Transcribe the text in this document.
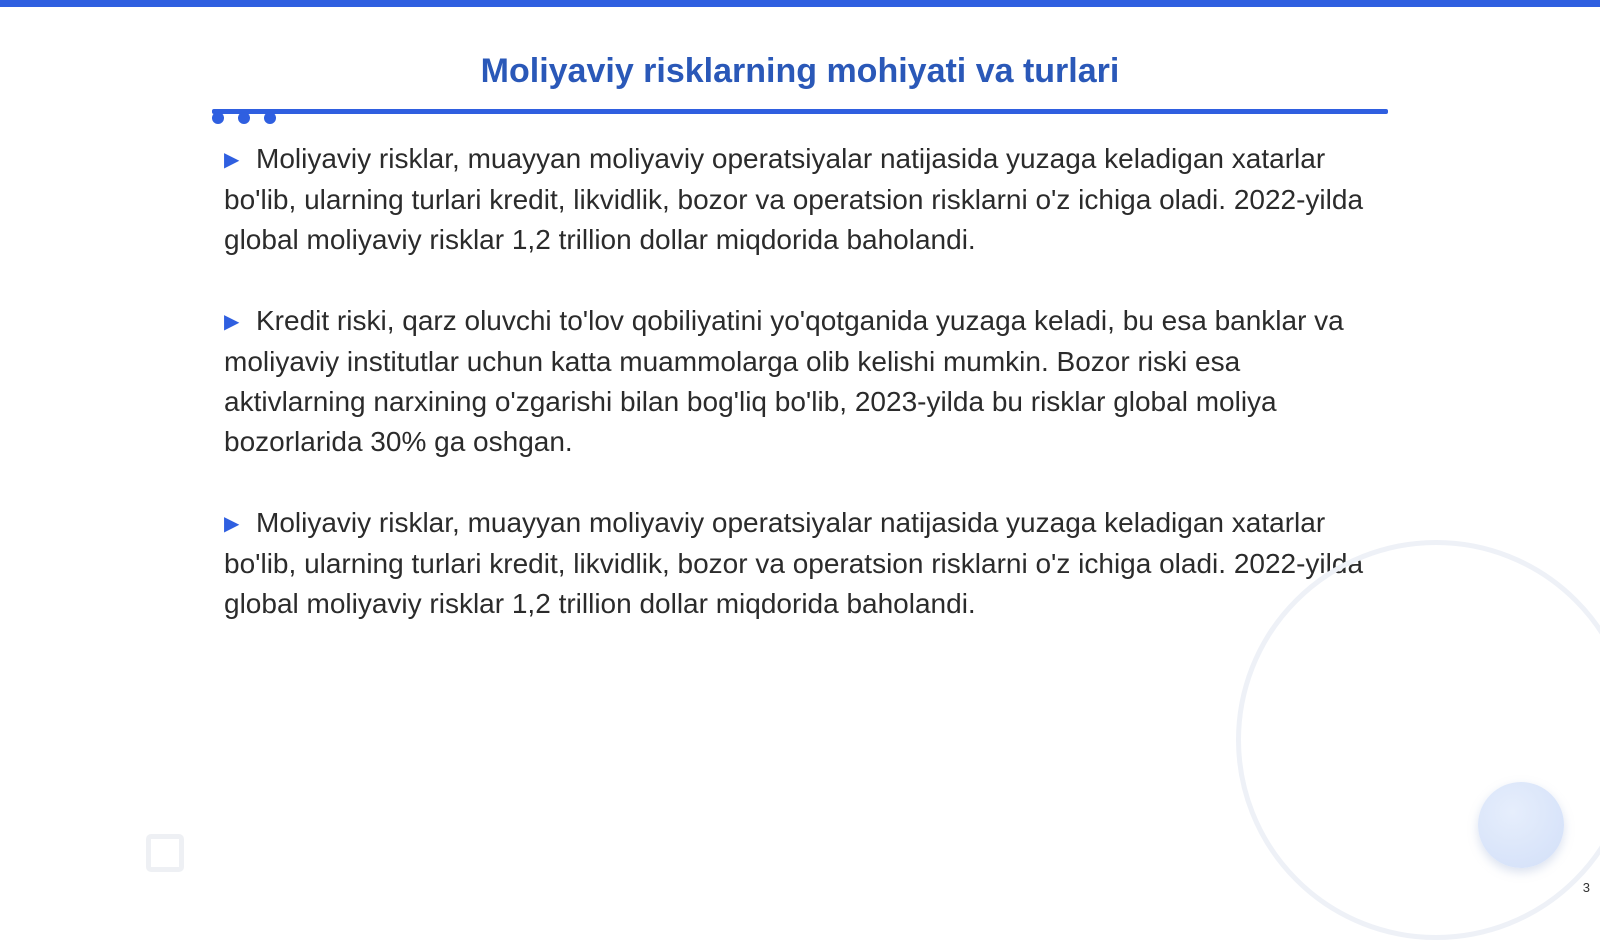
Moliyaviy risklarning mohiyati va turlari

▶ Moliyaviy risklar, muayyan moliyaviy operatsiyalar natijasida yuzaga keladigan xatarlar bo'lib, ularning turlari kredit, likvidlik, bozor va operatsion risklarni o'z ichiga oladi. 2022-yilda global moliyaviy risklar 1,2 trillion dollar miqdorida baholandi.

▶ Kredit riski, qarz oluvchi to'lov qobiliyatini yo'qotganida yuzaga keladi, bu esa banklar va moliyaviy institutlar uchun katta muammolarga olib kelishi mumkin. Bozor riski esa aktivlarning narxining o'zgarishi bilan bog'liq bo'lib, 2023-yilda bu risklar global moliya bozorlarida 30% ga oshgan.

▶ Moliyaviy risklar, muayyan moliyaviy operatsiyalar natijasida yuzaga keladigan xatarlar bo'lib, ularning turlari kredit, likvidlik, bozor va operatsion risklarni o'z ichiga oladi. 2022-yilda global moliyaviy risklar 1,2 trillion dollar miqdorida baholandi.

3
